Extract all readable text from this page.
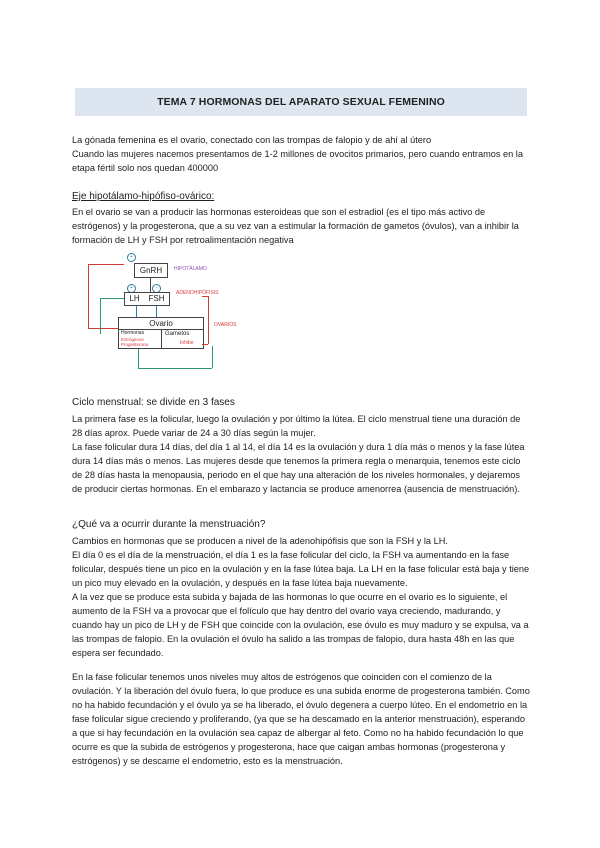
TEMA 7 HORMONAS DEL APARATO SEXUAL FEMENINO

La gónada femenina es el ovario, conectado con las trompas de falopio y de ahí al útero

Cuando las mujeres nacemos presentamos de 1-2 millones de ovocitos primarios, pero cuando entramos en la etapa fértil solo nos quedan 400000

Eje hipotálamo-hipófiso-ovárico:

En el ovario se van a producir las hormonas esteroideas que son el estradiol (es el tipo más activo de estrógenos) y la progesterona, que a su vez van a estimular la formación de gametos (óvulos), van a inhibir la formación de LH y FSH por retroalimentación negativa

+
+	-
GnRH HIPOTÁLAMO
LH FSH
ADENOHIPÓFISIS
Ovario
Hormonas	Gametos
Estrógenos
Progesterona
OVARIOS
Inhibe
Ciclo menstrual: se divide en 3 fases

La primera fase es la folicular, luego la ovulación y por último la lútea. El ciclo menstrual tiene una duración de 28 días aprox. Puede variar de 24 a 30 días según la mujer.

La fase folicular dura 14 días, del día 1 al 14, el día 14 es la ovulación y dura 1 día más o menos y la fase lútea dura 14 días más o menos. Las mujeres desde que tenemos la primera regla o menarquia, tenemos este ciclo de 28 días hasta la menopausia, periodo en el que hay una alteración de los niveles hormonales, y dejaremos de producir ciertas hormonas. En el embarazo y lactancia se produce amenorrea (ausencia de menstruación).

¿Qué va a ocurrir durante la menstruación?

Cambios en hormonas que se producen a nivel de la adenohipófisis que son la FSH y la LH.

El día 0 es el día de la menstruación, el día 1 es la fase folicular del ciclo, la FSH va aumentando en la fase folicular, después tiene un pico en la ovulación y en la fase lútea baja. La LH en la fase folicular está baja y tiene un pico muy elevado en la ovulación, y después en la fase lútea baja nuevamente.

A la vez que se produce esta subida y bajada de las hormonas lo que ocurre en el ovario es lo siguiente, el aumento de la FSH va a provocar que el folículo que hay dentro del ovario vaya creciendo, madurando, y cuando hay un pico de LH y de FSH que coincide con la ovulación, ese óvulo es muy maduro y se expulsa, va a las trompas de falopio. En la ovulación el óvulo ha salido a las trompas de falopio, dura hasta 48h en las que espera ser fecundado.

En la fase folicular tenemos unos niveles muy altos de estrógenos que coinciden con el comienzo de la ovulación. Y la liberación del óvulo fuera, lo que produce es una subida enorme de progesterona también. Como no ha habido fecundación y el óvulo ya se ha liberado, el óvulo degenera a cuerpo lúteo. En el endometrio en la fase folicular sigue creciendo y proliferando, (ya que se ha descamado en la anterior menstruación), esperando a que si hay fecundación en la ovulación sea capaz de albergar al feto. Como no ha habido fecundación lo que ocurre es que la subida de estrógenos y progesterona, hace que caigan ambas hormonas (progesterona y estrógenos) y se descame el endometrio, esto es la menstruación.
